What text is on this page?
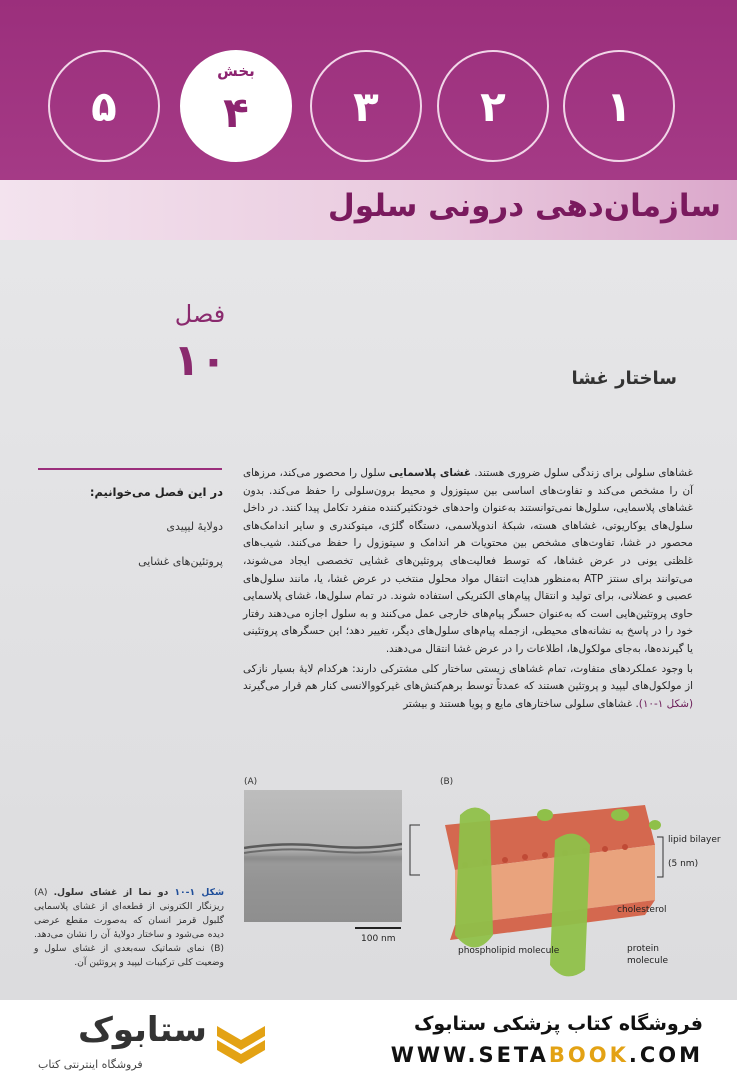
۵
بخش
۴ ۳ ۲ ۱
سازمان‌دهی درونی سلول
فصل
۱۰	ساختار غشا
در این فصل می‌خوانیم:
دولایهٔ لیپیدی
پروتئین‌های غشایی

غشاهای سلولی برای زندگی سلول ضروری هستند. غشای پلاسمایی سلول را محصور می‌کند، مرزهای آن را مشخص می‌کند و تفاوت‌های اساسی بین سیتوزول و محیط برون‌سلولی را حفظ می‌کند. بدون غشاهای پلاسمایی، سلول‌ها نمی‌توانستند به‌عنوان واحدهای خودتکثیرکننده منفرد تکامل پیدا کنند. در داخل سلول‌های یوکاریوتی، غشاهای هسته، شبکهٔ اندوپلاسمی، دستگاه گلژی، میتوکندری و سایر اندامک‌های محصور در غشا، تفاوت‌های مشخص بین محتویات هر اندامک و سیتوزول را حفظ می‌کنند. شیب‌های غلظتی یونی در عرض غشاها، که توسط فعالیت‌های پروتئین‌های غشایی تخصصی ایجاد می‌شوند، می‌توانند برای سنتز ATP به‌منظور هدایت انتقال مواد محلول منتخب در عرض غشا، یا، مانند سلول‌های عصبی و عضلانی، برای تولید و انتقال پیام‌های الکتریکی استفاده شوند. در تمام سلول‌ها، غشای پلاسمایی حاوی پروتئین‌هایی است که به‌عنوان حسگر پیام‌های خارجی عمل می‌کنند و به سلول اجازه می‌دهند رفتار خود را در پاسخ به نشانه‌های محیطی، ازجمله پیام‌های سلول‌های دیگر، تغییر دهد؛ این حسگرهای پروتئینی یا گیرنده‌ها، به‌جای مولکول‌ها، اطلاعات را در عرض غشا انتقال می‌دهند.

با وجود عملکردهای متفاوت، تمام غشاهای زیستی ساختار کلی مشترکی دارند: هرکدام لایهٔ بسیار نازکی از مولکول‌های لیپید و پروتئین هستند که عمدتاً توسط برهم‌کنش‌های غیرکووالانسی کنار هم قرار می‌گیرند (شکل ۱-۱۰). غشاهای سلولی ساختارهای مایع و پویا هستند و بیشتر

(A)
100 nm
(B)
lipid bilayer
(5 nm)
cholesterol
phospholipid molecule	protein
molecule
شکل ۱-۱۰ دو نما از غشای سلول. (A) ریزنگار الکترونی از قطعه‌ای از غشای پلاسمایی گلبول قرمز انسان که به‌صورت مقطع عرضی دیده می‌شود و ساختار دولایهٔ آن را نشان می‌دهد. (B) نمای شماتیک سه‌بعدی از غشای سلول و وضعیت کلی ترکیبات لیپید و پروتئین آن.
فروشگاه کتاب پزشکی ستابوک
WWW.SETABOOK.COM
ستابوک
فروشگاه اینترنتی کتاب
